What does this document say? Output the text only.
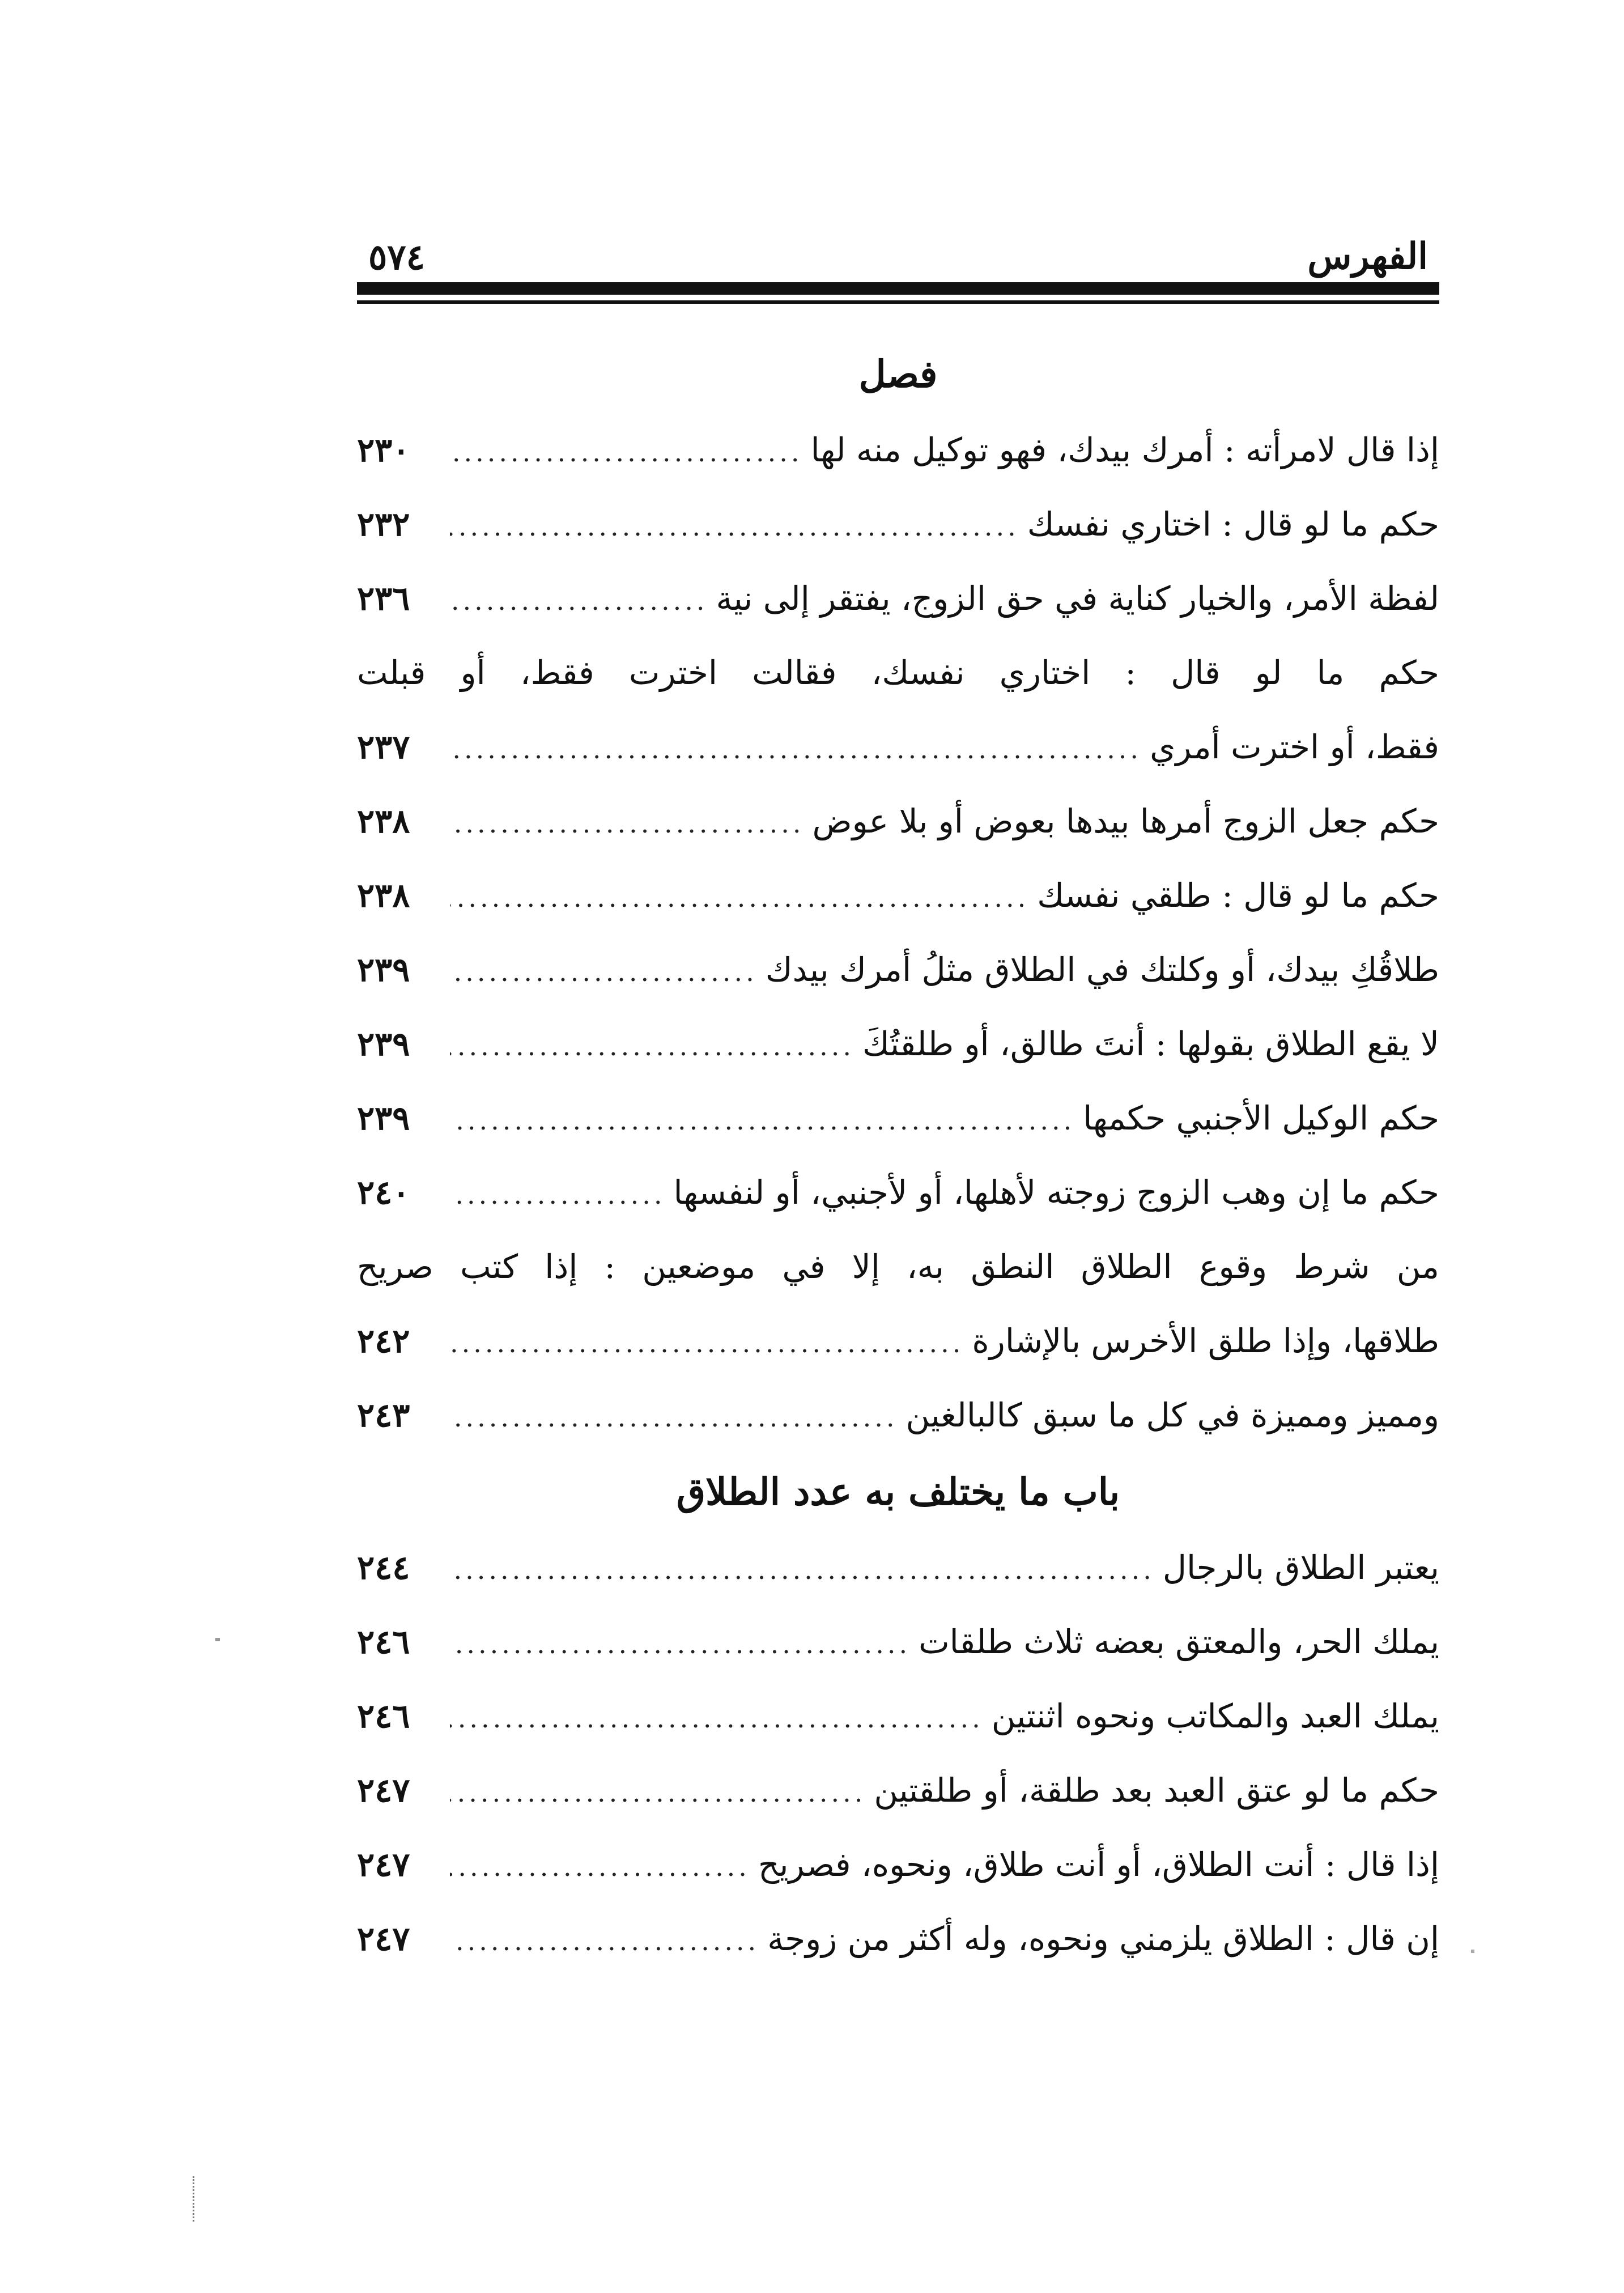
٥٧٤	الفهرس
فصل
إذا قال لامرأته : أمرك بيدك، فهو توكيل منه لها
.....
٢٣٠
حكم ما لو قال : اختاري نفسك
.....
٢٣٢
لفظة الأمر، والخيار كناية في حق الزوج، يفتقر إلى نية
.....
٢٣٦
حكم ما لو قال : اختاري نفسك، فقالت اخترت فقط، أو قبلت
فقط، أو اخترت أمري
.....
٢٣٧
حكم جعل الزوج أمرها بيدها بعوض أو بلا عوض
.....
٢٣٨
حكم ما لو قال : طلقي نفسك
.....
٢٣٨
طلاقُكِ بيدك، أو وكلتك في الطلاق مثلُ أمرك بيدك
.....
٢٣٩
لا يقع الطلاق بقولها : أنتَ طالق، أو طلقتُكَ
.....
٢٣٩
حكم الوكيل الأجنبي حكمها
.....
٢٣٩
حكم ما إن وهب الزوج زوجته لأهلها، أو لأجنبي، أو لنفسها
.....
٢٤٠
من شرط وقوع الطلاق النطق به، إلا في موضعين : إذا كتب صريح
طلاقها، وإذا طلق الأخرس بالإشارة
.....
٢٤٢
ومميز ومميزة في كل ما سبق كالبالغين
.....
٢٤٣
باب ما يختلف به عدد الطلاق
يعتبر الطلاق بالرجال
.....
٢٤٤
يملك الحر، والمعتق بعضه ثلاث طلقات
.....
٢٤٦
يملك العبد والمكاتب ونحوه اثنتين
.....
٢٤٦
حكم ما لو عتق العبد بعد طلقة، أو طلقتين
.....
٢٤٧
إذا قال : أنت الطلاق، أو أنت طلاق، ونحوه، فصريح
.....
٢٤٧
إن قال : الطلاق يلزمني ونحوه، وله أكثر من زوجة
.....
٢٤٧
